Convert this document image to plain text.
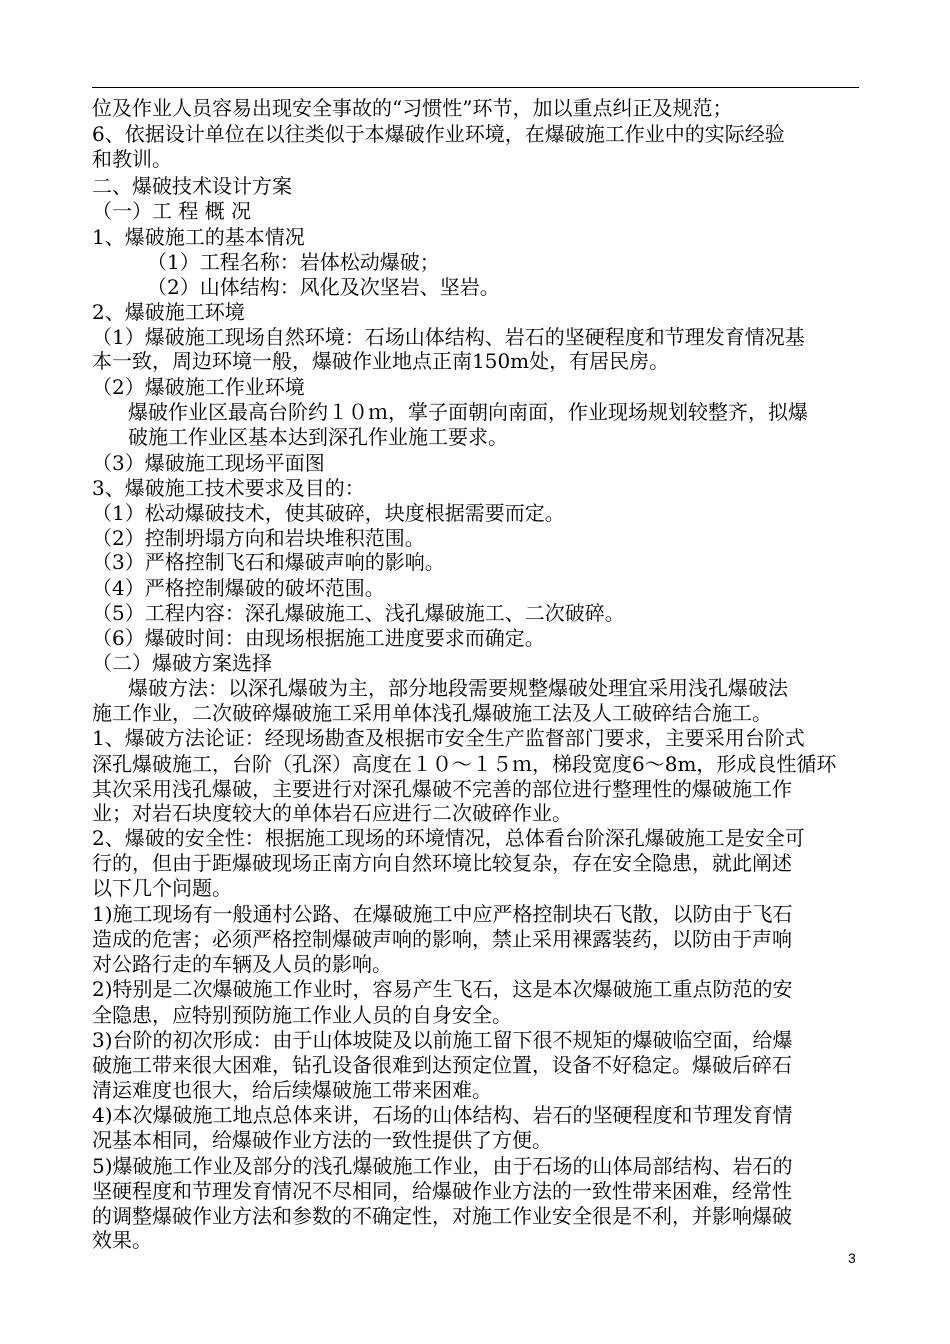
位及作业人员容易出现安全事故的“习惯性”环节，加以重点纠正及规范；
6、依据设计单位在以往类似于本爆破作业环境，在爆破施工作业中的实际经验
和教训。
二、爆破技术设计方案
（一）工 程 概 况
1、爆破施工的基本情况
（1）工程名称：岩体松动爆破；
（2）山体结构：风化及次坚岩、坚岩。
2、爆破施工环境
（1）爆破施工现场自然环境：石场山体结构、岩石的坚硬程度和节理发育情况基
本一致，周边环境一般，爆破作业地点正南150m处，有居民房。
（2）爆破施工作业环境
爆破作业区最高台阶约１０ｍ，掌子面朝向南面，作业现场规划较整齐，拟爆
破施工作业区基本达到深孔作业施工要求。
（3）爆破施工现场平面图
3、爆破施工技术要求及目的：
（1）松动爆破技术，使其破碎，块度根据需要而定。
（2）控制坍塌方向和岩块堆积范围。
（3）严格控制飞石和爆破声响的影响。
（4）严格控制爆破的破坏范围。
（5）工程内容：深孔爆破施工、浅孔爆破施工、二次破碎。
（6）爆破时间：由现场根据施工进度要求而确定。
（二）爆破方案选择
爆破方法：以深孔爆破为主，部分地段需要规整爆破处理宜采用浅孔爆破法
施工作业，二次破碎爆破施工采用单体浅孔爆破施工法及人工破碎结合施工。
1、爆破方法论证：经现场勘查及根据市安全生产监督部门要求，主要采用台阶式
深孔爆破施工，台阶（孔深）高度在１０～１５ｍ，梯段宽度6～8m，形成良性循环
其次采用浅孔爆破，主要进行对深孔爆破不完善的部位进行整理性的爆破施工作
业；对岩石块度较大的单体岩石应进行二次破碎作业。
2、爆破的安全性：根据施工现场的环境情况，总体看台阶深孔爆破施工是安全可
行的，但由于距爆破现场正南方向自然环境比较复杂，存在安全隐患，就此阐述
以下几个问题。
1)施工现场有一般通村公路、在爆破施工中应严格控制块石飞散，以防由于飞石
造成的危害；必须严格控制爆破声响的影响，禁止采用裸露装药，以防由于声响
对公路行走的车辆及人员的影响。
2)特别是二次爆破施工作业时，容易产生飞石，这是本次爆破施工重点防范的安
全隐患，应特别预防施工作业人员的自身安全。
3)台阶的初次形成：由于山体坡陡及以前施工留下很不规矩的爆破临空面，给爆
破施工带来很大困难，钻孔设备很难到达预定位置，设备不好稳定。爆破后碎石
清运难度也很大，给后续爆破施工带来困难。
4)本次爆破施工地点总体来讲，石场的山体结构、岩石的坚硬程度和节理发育情
况基本相同，给爆破作业方法的一致性提供了方便。
5)爆破施工作业及部分的浅孔爆破施工作业，由于石场的山体局部结构、岩石的
坚硬程度和节理发育情况不尽相同，给爆破作业方法的一致性带来困难，经常性
的调整爆破作业方法和参数的不确定性，对施工作业安全很是不利，并影响爆破
效果。
3
